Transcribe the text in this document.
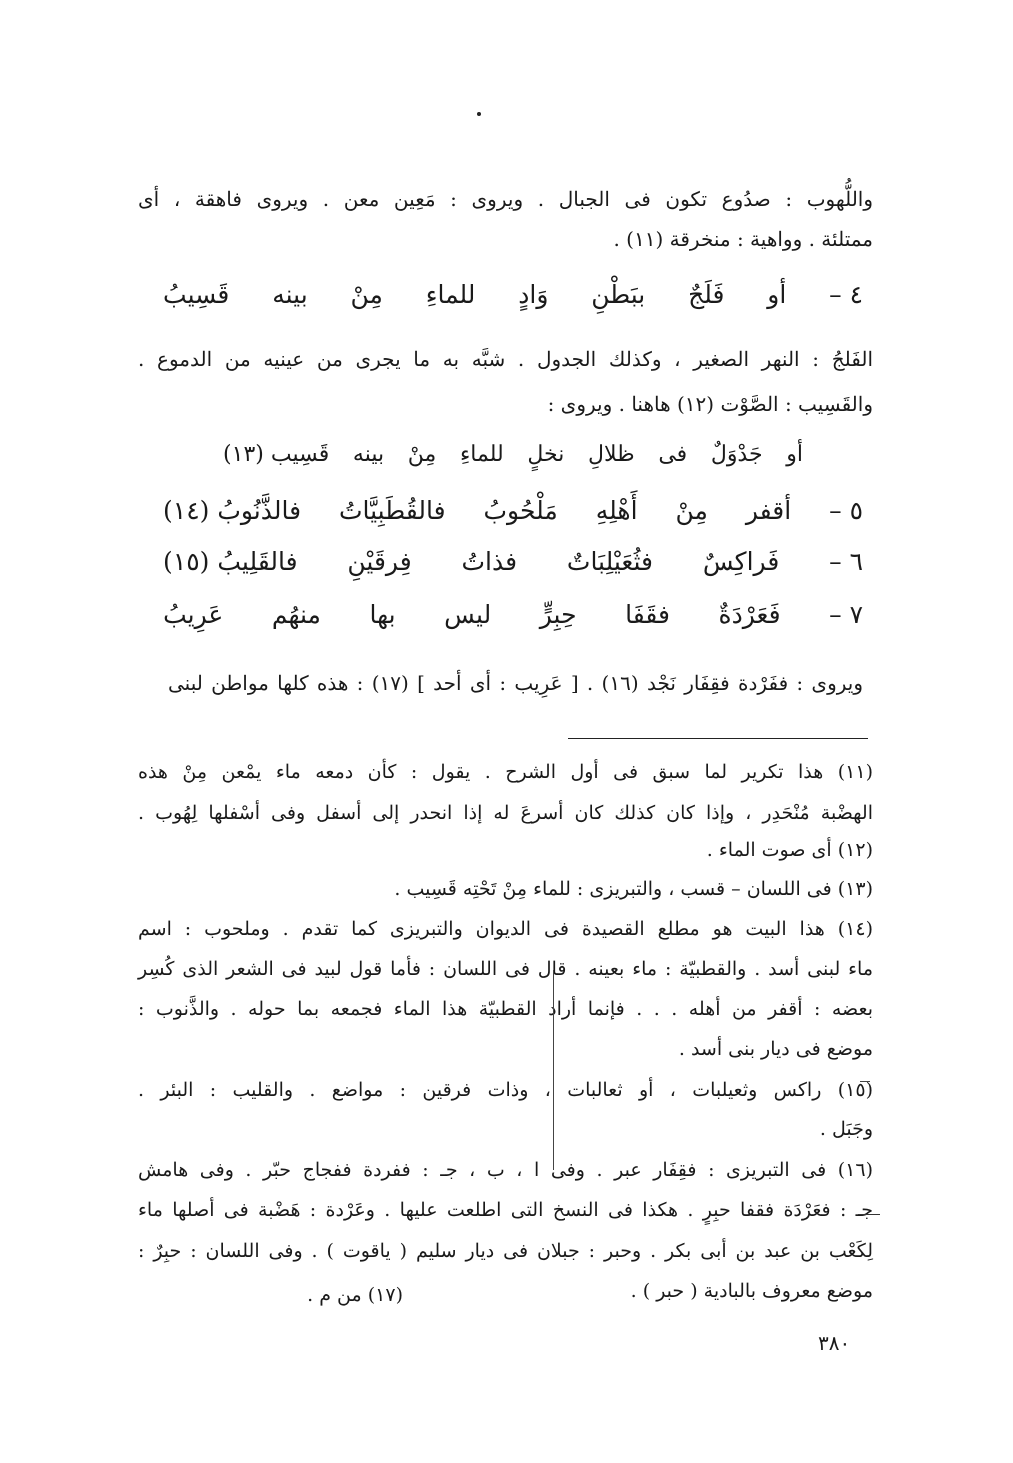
واللُّهوب : صدُوع تكون فى الجبال . ويروى : مَعِين معن . ويروى فاهقة ، أى
ممتلئة . وواهية : منخرقة (١١) .
٤ –
أو
فَلَجٌ
ببَطْنِ
وَادٍ
للماءِ
مِنْ
بينه
قَسِيبُ
الفَلجُ : النهر الصغير ، وكذلك الجدول . شبَّه به ما يجرى من عينيه من الدموع .
والقَسِيب : الصَّوْت (١٢) هاهنا . ويروى :
أو
جَدْوَلٌ
فى
ظلالِ
نخلٍ
للماءِ
مِنْ
بينه
قَسِيب (١٣)
٥ –
أقفر
مِنْ
أَهْلِهِ
مَلْحُوبُ
فالقُطَبِيَّاتُ
فالذَّنُوبُ (١٤)
٦ –
فَراكِسٌ
فثُعَيْلِبَاتٌ
فذاتُ
فِرقَيْنِ
فالقَلِيبُ (١٥)
٧ –
فَعَرْدَةٌ
فقَفَا
حِبِرٍّ
ليس
بها
منهُم
عَرِيبُ
ويروى : ففَرْدة فقِفَار نَجْد (١٦) . [ عَرِيب : أى أحد ] (١٧) : هذه كلها مواطن لبنى
(١١) هذا تكرير لما سبق فى أول الشرح . يقول : كأن دمعه ماء يمْعن مِنْ هذه
الهضْبة مُنْحَدِر ، وإذا كان كذلك كان أسرعَ له إذا انحدر إلى أسفل وفى أسْفلها لِهُوب .
(١٢) أى صوت الماء .
(١٣) فى اللسان – قسب ، والتبريزى : للماء مِنْ تَحْتِه قَسِيب .
(١٤) هذا البيت هو مطلع القصيدة فى الديوان والتبريزى كما تقدم . وملحوب : اسم
ماء لبنى أسد . والقطبيّة : ماء بعينه . قال فى اللسان : فأما قول لبيد فى الشعر الذى كُسِر
بعضه : أقفر من أهله . . . فإنما أراد القطبيّة هذا الماء فجمعه بما حوله . والذَّنوب :
موضع فى ديار بنى أسد .
(١٥) راكس وثعيلبات ، أو ثعالبات ، وذات فرقين : مواضع . والقليب : البئر .
وجَبَل .
(١٦) فى التبريزى : فقِفَار عبر . وفى ا ، ب ، جـ : ففردة ففجاج حبّر . وفى هامش
جـ : فعَرْدَة فقفا حبِرٍ . هكذا فى النسخ التى اطلعت عليها . وعَرْدة : هَضْبة فى أصلها ماء
لِكَعْب بن عبد بن أبى بكر . وحبر : جبلان فى ديار سليم ( ياقوت ) . وفى اللسان : حبِرٌ :
موضع معروف بالبادية ( حبر ) .
(١٧) من م .
٣٨٠
